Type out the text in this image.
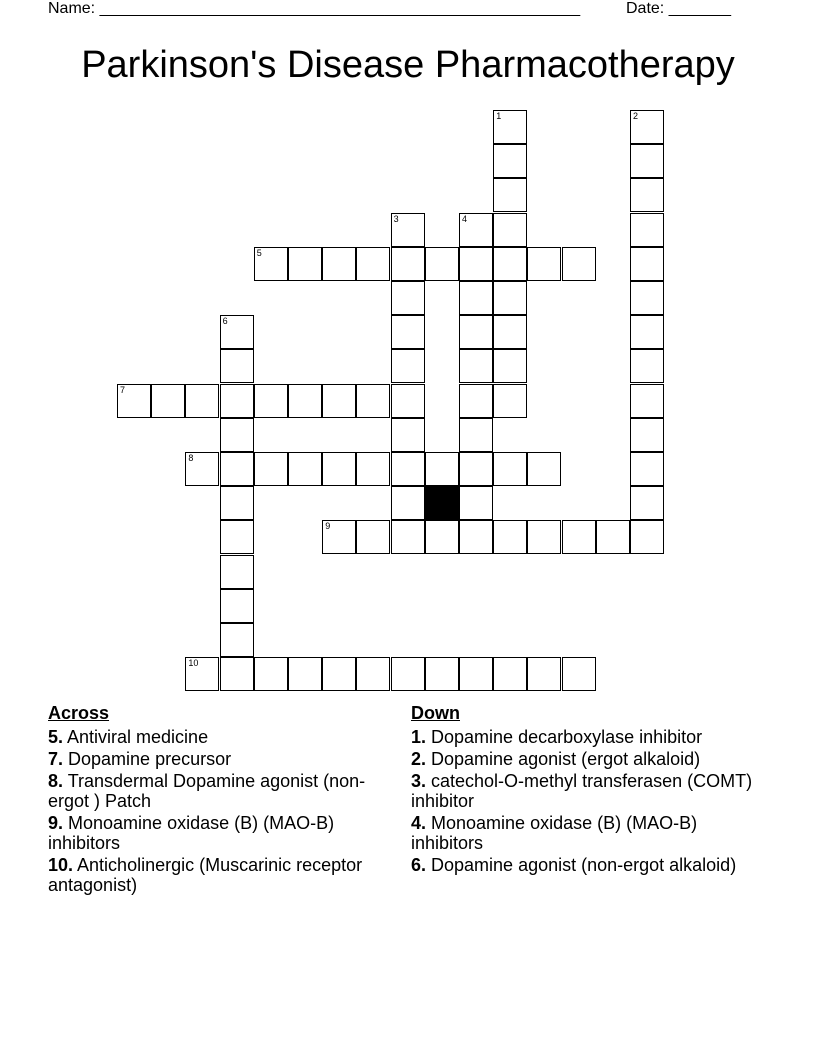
Name: ______________________________________________________	Date: _______
Parkinson's Disease Pharmacotherapy
1	2
3	4
5
6
7
8
9
10
Across
5. Antiviral medicine
7. Dopamine precursor
8. Transdermal Dopamine agonist (non-ergot ) Patch
9. Monoamine oxidase (B) (MAO-B) inhibitors
10. Anticholinergic (Muscarinic receptor antagonist)
Down
1. Dopamine decarboxylase inhibitor
2. Dopamine agonist (ergot alkaloid)
3. catechol-O-methyl transferasen (COMT) inhibitor
4. Monoamine oxidase (B) (MAO-B) inhibitors
6. Dopamine agonist (non-ergot alkaloid)
